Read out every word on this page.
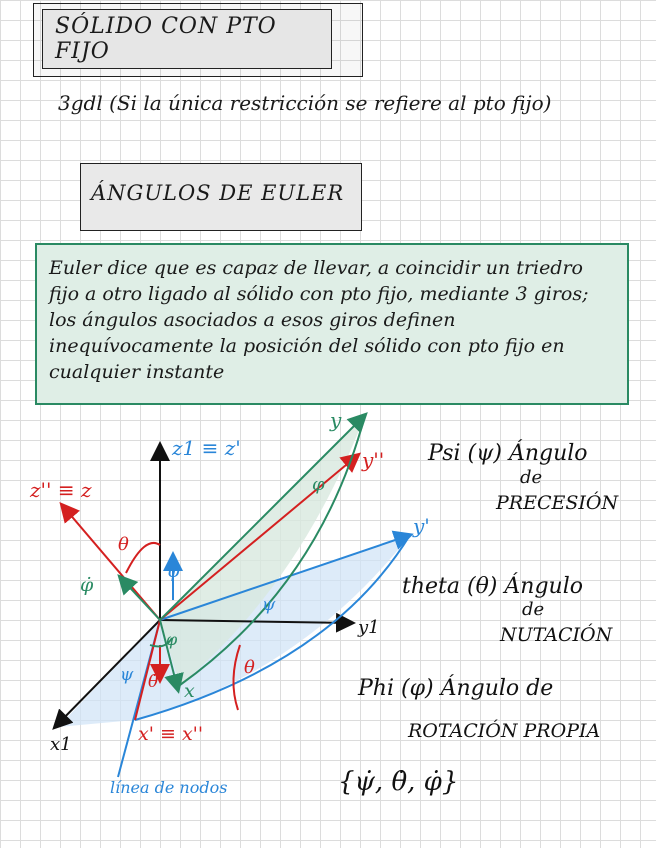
SÓLIDO CON PTO FIJO
3gdl (Si la única restricción se refiere al pto fijo)
ÁNGULOS DE EULER
Euler dice que es capaz de llevar, a coincidir un triedro fijo a otro ligado al sólido con pto fijo, mediante 3 giros; los ángulos asociados a esos giros definen inequívocamente la posición del sólido con pto fijo en cualquier instante
z1 ≡ z'
z'' ≡ z
y
y''
y'
y1
x1	x' ≡ x''
x
línea de nodos
θ
θ
φ
φ
ψ
ψ
φ̇
ψ̇
θ̇
Psi (ψ) Ángulo
de
PRECESIÓN
theta (θ) Ángulo
de
NUTACIÓN
Phi (φ) Ángulo de
ROTACIÓN PROPIA
{ψ̇, θ̇, φ̇}
